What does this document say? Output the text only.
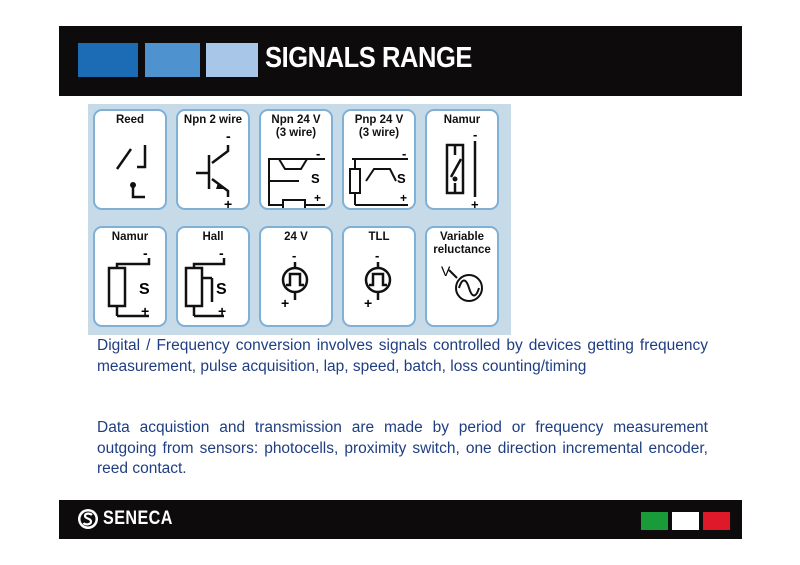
SIGNALS RANGE
Reed	Npn 2 wire
-
+
Npn 24 V
(3 wire)
-
S
+
Pnp 24 V
(3 wire)
-
S
+
Namur
-
+
Namur
-
S
+
Hall
-
S
+
24 V
-
+
TLL
-
+
Variable
reluctance
V
Digital / Frequency conversion involves signals controlled by devices getting frequency measurement, pulse acquisition, lap, speed, batch, loss counting/timing
Data acquistion and transmission are made by period or frequency measurement outgoing from sensors: photocells, proximity switch, one direction incremental encoder, reed contact.
SENECA
